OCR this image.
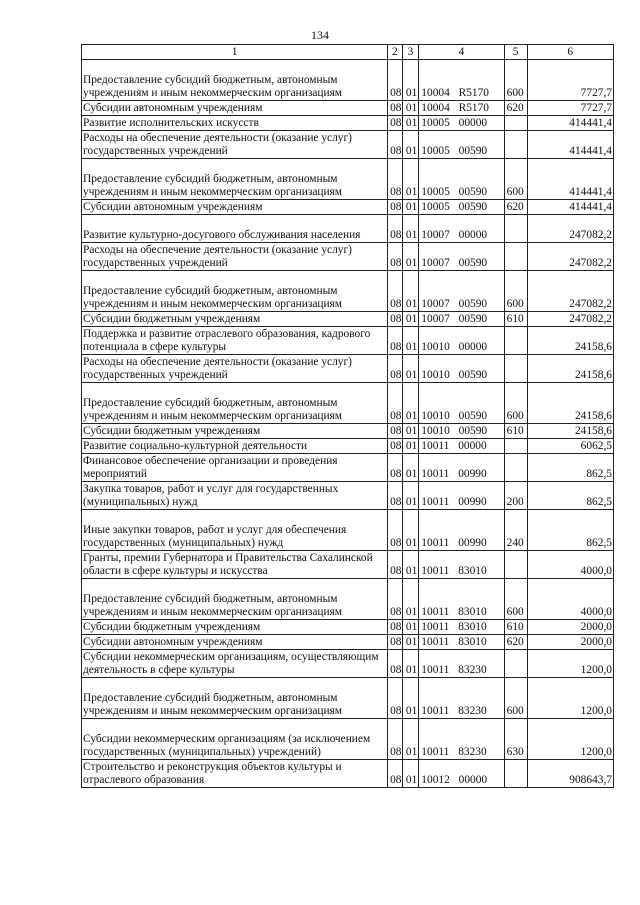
134
1	2	3	4	5	6
Предоставление субсидий бюджетным, автономным учреждениям и иным некоммерческим организациям	08	01	10004 R5170	600	7727,7
Субсидии автономным учреждениям	08	01	10004 R5170	620	7727,7
Развитие исполнительских искусств	08	01	10005 00000		414441,4
Расходы на обеспечение деятельности (оказание услуг) государственных учреждений	08	01	10005 00590		414441,4
Предоставление субсидий бюджетным, автономным учреждениям и иным некоммерческим организациям	08	01	10005 00590	600	414441,4
Субсидии автономным учреждениям	08	01	10005 00590	620	414441,4
Развитие культурно-досугового обслуживания населения	08	01	10007 00000		247082,2
Расходы на обеспечение деятельности (оказание услуг) государственных учреждений	08	01	10007 00590		247082,2
Предоставление субсидий бюджетным, автономным учреждениям и иным некоммерческим организациям	08	01	10007 00590	600	247082,2
Субсидии бюджетным учреждениям	08	01	10007 00590	610	247082,2
Поддержка и развитие отраслевого образования, кадрового потенциала в сфере культуры	08	01	10010 00000		24158,6
Расходы на обеспечение деятельности (оказание услуг) государственных учреждений	08	01	10010 00590		24158,6
Предоставление субсидий бюджетным, автономным учреждениям и иным некоммерческим организациям	08	01	10010 00590	600	24158,6
Субсидии бюджетным учреждениям	08	01	10010 00590	610	24158,6
Развитие социально-культурной деятельности	08	01	10011 00000		6062,5
Финансовое обеспечение организации и проведения мероприятий	08	01	10011 00990		862,5
Закупка товаров, работ и услуг для государственных (муниципальных) нужд	08	01	10011 00990	200	862,5
Иные закупки товаров, работ и услуг для обеспечения государственных (муниципальных) нужд	08	01	10011 00990	240	862,5
Гранты, премии Губернатора и Правительства Сахалинской области в сфере культуры и искусства	08	01	10011 83010		4000,0
Предоставление субсидий бюджетным, автономным учреждениям и иным некоммерческим организациям	08	01	10011 83010	600	4000,0
Субсидии бюджетным учреждениям	08	01	10011 83010	610	2000,0
Субсидии автономным учреждениям	08	01	10011 83010	620	2000,0
Субсидии некоммерческим организациям, осуществляющим деятельность в сфере культуры	08	01	10011 83230		1200,0
Предоставление субсидий бюджетным, автономным учреждениям и иным некоммерческим организациям	08	01	10011 83230	600	1200,0
Субсидии некоммерческим организациям (за исключением государственных (муниципальных) учреждений)	08	01	10011 83230	630	1200,0
Строительство и реконструкция объектов культуры и отраслевого образования	08	01	10012 00000		908643,7
